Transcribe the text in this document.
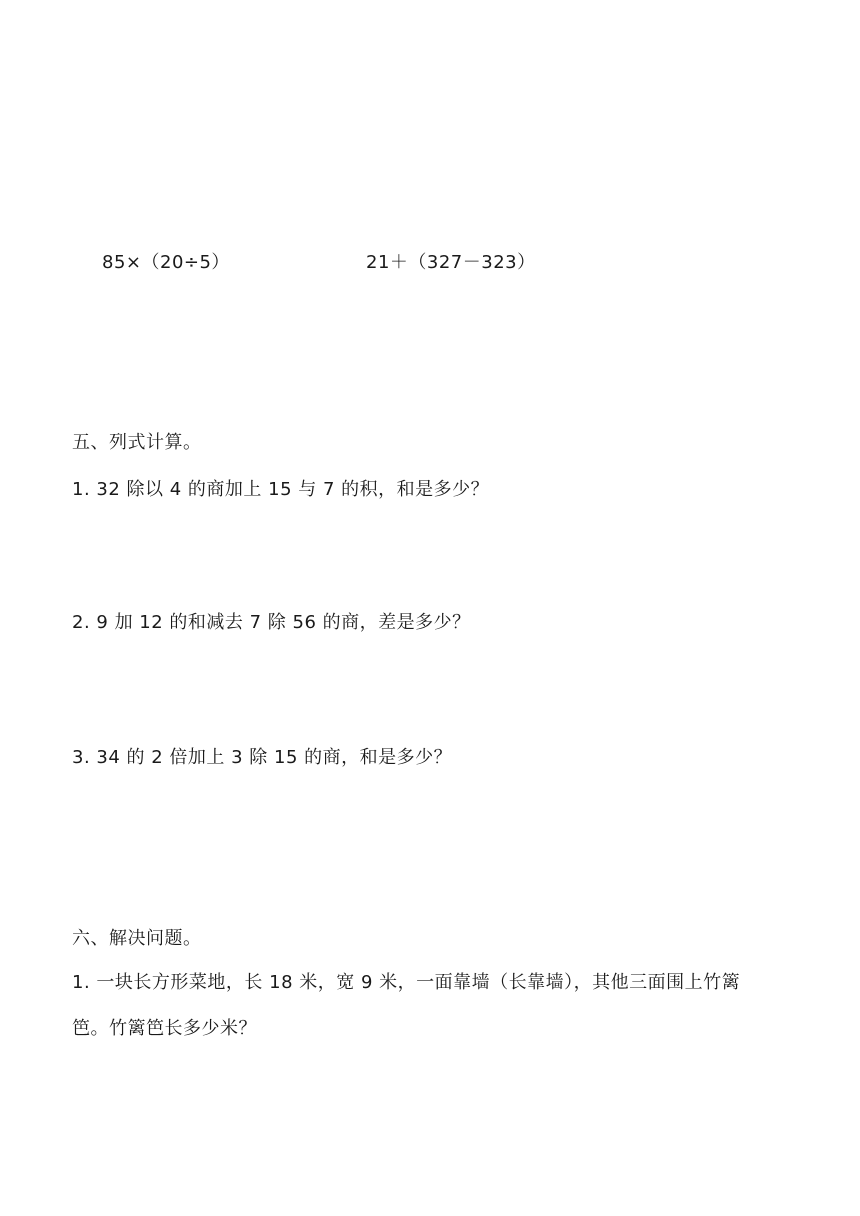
85×（20÷5）	21＋（327－323）
五、列式计算。
1. 32 除以 4 的商加上 15 与 7 的积，和是多少？
2. 9 加 12 的和减去 7 除 56 的商，差是多少？
3. 34 的 2 倍加上 3 除 15 的商，和是多少？
六、解决问题。
1. 一块长方形菜地，长 18 米，宽 9 米，一面靠墙（长靠墙），其他三面围上竹篱
笆。竹篱笆长多少米？
